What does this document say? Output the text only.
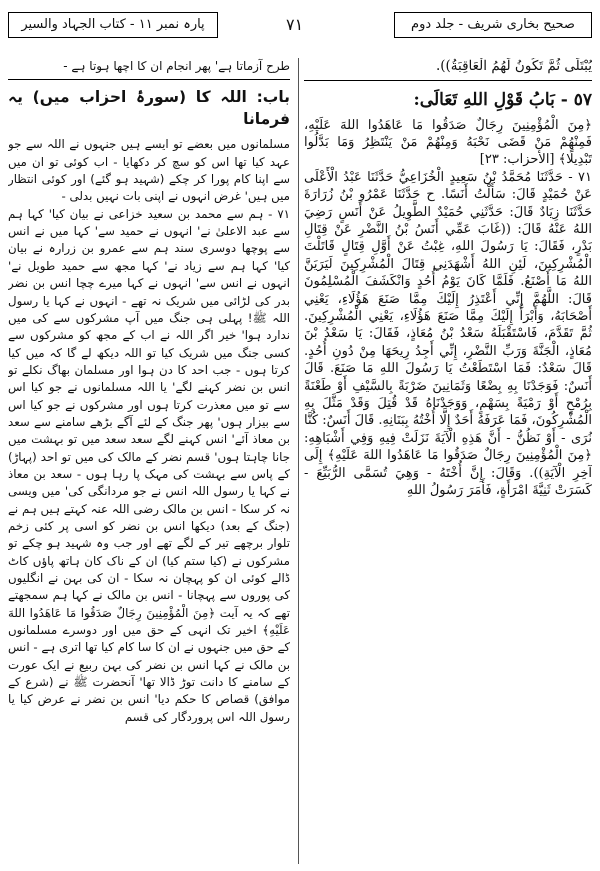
صحیح بخاری شریف - جلد دوم
۷۱
پارہ نمبر ۱۱ - کتاب الجہاد والسیر

يُبْتَلَى ثُمَّ تَكُونُ لَهُمُ الْعَاقِبَةُ)).

٥٧ - بَابُ قَوْلِ اللهِ تَعَالَى:

﴿مِنَ الْمُؤْمِنِينَ رِجَالٌ صَدَقُوا مَا عَاهَدُوا اللهَ عَلَيْهِ، فَمِنْهُمْ مَنْ قَضَى نَحْبَهُ وَمِنْهُمْ مَنْ يَنْتَظِرُ وَمَا بَدَّلُوا تَبْدِيلًا﴾ [الأحزاب: ٢٣]

٧١ - حَدَّثَنَا مُحَمَّدُ بْنُ سَعِيدٍ الْخُزَاعِيُّ حَدَّثَنَا عَبْدُ الْأَعْلَى عَنْ حُمَيْدٍ قَالَ: سَأَلْتُ أَنَسًا. ح حَدَّثَنَا عَمْرُو بْنُ زُرَارَةَ حَدَّثَنَا زِيَادٌ قَالَ: حَدَّثَنِي حُمَيْدٌ الطَّوِيلُ عَنْ أَنَسٍ رَضِيَ اللهُ عَنْهُ قَالَ: ((غَابَ عَمِّي أَنَسُ بْنُ النَّضْرِ عَنْ قِتَالِ بَدْرٍ، فَقَالَ: يَا رَسُولَ اللهِ، غِبْتُ عَنْ أَوَّلِ قِتَالٍ قَاتَلْتَ الْمُشْرِكِينَ، لَئِنِ اللهُ أَشْهَدَنِي قِتَالَ الْمُشْرِكِينَ لَيَرَيَنَّ اللهُ مَا أَصْنَعُ. فَلَمَّا كَانَ يَوْمُ أُحُدٍ وَانْكَشَفَ الْمُسْلِمُونَ قَالَ: اللَّهُمَّ إِنِّي أَعْتَذِرُ إِلَيْكَ مِمَّا صَنَعَ هَؤُلَاءِ، يَعْنِي أَصْحَابَهُ، وَأَبْرَأُ إِلَيْكَ مِمَّا صَنَعَ هَؤُلَاءِ، يَعْنِي الْمُشْرِكِينَ. ثُمَّ تَقَدَّمَ، فَاسْتَقْبَلَهُ سَعْدُ بْنُ مُعَاذٍ، فَقَالَ: يَا سَعْدُ بْنَ مُعَاذٍ، الْجَنَّةَ وَرَبِّ النَّضْرِ، إِنِّي أَجِدُ رِيحَهَا مِنْ دُونِ أُحُدٍ. قَالَ سَعْدٌ: فَمَا اسْتَطَعْتُ يَا رَسُولَ اللهِ مَا صَنَعَ. قَالَ أَنَسٌ: فَوَجَدْنَا بِهِ بِضْعًا وَثَمَانِينَ ضَرْبَةً بِالسَّيْفِ أَوْ طَعْنَةً بِرُمْحٍ أَوْ رَمْيَةً بِسَهْمٍ، وَوَجَدْنَاهُ قَدْ قُتِلَ وَقَدْ مَثَّلَ بِهِ الْمُشْرِكُونَ، فَمَا عَرَفَهُ أَحَدٌ إِلَّا أُخْتُهُ بِبَنَانِهِ. قَالَ أَنَسٌ: كُنَّا نُرَى - أَوْ نَظُنُّ - أَنَّ هَذِهِ الْآيَةَ نَزَلَتْ فِيهِ وَفِي أَشْبَاهِهِ: ﴿مِنَ الْمُؤْمِنِينَ رِجَالٌ صَدَقُوا مَا عَاهَدُوا اللهَ عَلَيْهِ﴾ إِلَى آخِرِ الْآيَةِ)). وَقَالَ: إِنَّ أُخْتَهُ - وَهِيَ تُسَمَّى الرُّبَيِّعَ - كَسَرَتْ ثَنِيَّةَ امْرَأَةٍ، فَأَمَرَ رَسُولُ اللهِ

طرح آزماتا ہے' پھر انجام ان کا اچھا ہوتا ہے -

باب: اللہ کا (سورۂ احزاب میں) یہ فرمانا

مسلمانوں میں بعضے تو ایسے ہیں جنہوں نے اللہ سے جو عہد کیا تھا اس کو سچ کر دکھایا - اب کوئی تو ان میں سے اپنا کام پورا کر چکے (شہید ہو گئے) اور کوئی انتظار میں ہیں' غرض انہوں نے اپنی بات نہیں بدلی -

۷۱ - ہم سے محمد بن سعید خزاعی نے بیان کیا' کہا ہم سے عبد الاعلیٰ نے' انہوں نے حمید سے' کہا میں نے انس سے پوچھا دوسری سند ہم سے عمرو بن زرارہ نے بیان کیا' کہا ہم سے زیاد نے' کہا مجھ سے حمید طویل نے' انہوں نے انس سے' انہوں نے کہا میرے چچا انس بن نضر بدر کی لڑائی میں شریک نہ تھے - انہوں نے کہا یا رسول اللہ ﷺ! پہلی ہی جنگ میں آپ مشرکوں سے کی میں ندارد ہوا' خیر اگر اللہ نے اب کے مجھ کو مشرکوں سے کسی جنگ میں شریک کیا تو اللہ دیکھ لے گا کہ میں کیا کرتا ہوں - جب احد کا دن ہوا اور مسلمان بھاگ نکلے تو انس بن نضر کہنے لگے' یا اللہ مسلمانوں نے جو کیا اس سے تو میں معذرت کرتا ہوں اور مشرکوں نے جو کیا اس سے بیزار ہوں' پھر جنگ کے لئے آگے بڑھے سامنے سے سعد بن معاذ آئے' انس کہنے لگے سعد سعد میں تو بہشت میں جانا چاہتا ہوں' قسم نضر کے مالک کی میں تو احد (پہاڑ) کے پاس سے بہشت کی مہک پا رہا ہوں - سعد بن معاذ نے کہا یا رسول اللہ انس نے جو مردانگی کی' میں ویسی نہ کر سکا - انس بن مالک رضی اللہ عنہ کہتے ہیں ہم نے (جنگ کے بعد) دیکھا انس بن نضر کو اسی پر کئی زخم تلوار برچھے تیر کے لگے تھے اور جب وہ شہید ہو چکے تو مشرکوں نے (کیا ستم کیا) ان کے ناک کان ہاتھ پاؤں کاٹ ڈالے کوئی ان کو پہچان نہ سکا - ان کی بہن نے انگلیوں کی پوروں سے پہچانا - انس بن مالک نے کہا ہم سمجھتے تھے کہ یہ آیت ﴿مِنَ الْمُؤْمِنِينَ رِجَالٌ صَدَقُوا مَا عَاهَدُوا اللهَ عَلَيْهِ﴾ اخیر تک انہی کے حق میں اور دوسرے مسلمانوں کے حق میں جنہوں نے ان کا سا کام کیا تھا اتری ہے - انس بن مالک نے کہا انس بن نضر کی بہن ربیع نے ایک عورت کے سامنے کا دانت توڑ ڈالا تھا' آنحضرت ﷺ نے (شرع کے موافق) قصاص کا حکم دیا' انس بن نضر نے عرض کیا یا رسول اللہ اس پروردگار کی قسم
